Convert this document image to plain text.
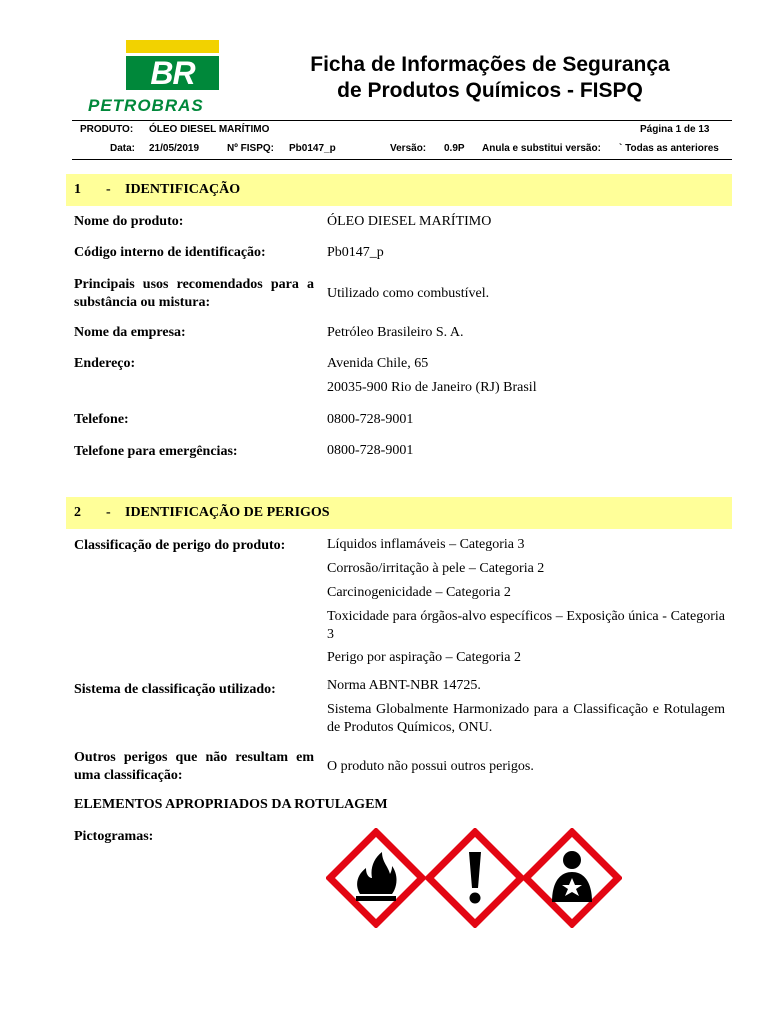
BR
PETROBRAS
Ficha de Informações de Segurança
de Produtos Químicos - FISPQ
PRODUTO: ÓLEO DIESEL MARÍTIMO	Página 1 de 13
Data: 21/05/2019	Nº FISPQ: Pb0147_p	Versão: 0.9P Anula e substitui versão: ` Todas as anteriores
1 - IDENTIFICAÇÃO
Nome do produto:	ÓLEO DIESEL MARÍTIMO
Código interno de identificação:	Pb0147_p
Principais usos recomendados para a substância ou mistura:
Utilizado como combustível.
Nome da empresa:	Petróleo Brasileiro S. A.
Endereço:	Avenida Chile, 65
20035-900 Rio de Janeiro (RJ) Brasil
Telefone:	0800-728-9001
Telefone para emergências:	0800-728-9001
2 - IDENTIFICAÇÃO DE PERIGOS
Classificação de perigo do produto:	Líquidos inflamáveis – Categoria 3
Corrosão/irritação à pele – Categoria 2
Carcinogenicidade – Categoria 2
Toxicidade para órgãos-alvo específicos – Exposição única - Categoria 3
Perigo por aspiração – Categoria 2
Sistema de classificação utilizado:	Norma ABNT-NBR 14725.
Sistema Globalmente Harmonizado para a Classificação e Rotulagem de Produtos Químicos, ONU.
Outros perigos que não resultam em uma classificação:
O produto não possui outros perigos.
ELEMENTOS APROPRIADOS DA ROTULAGEM
Pictogramas:
